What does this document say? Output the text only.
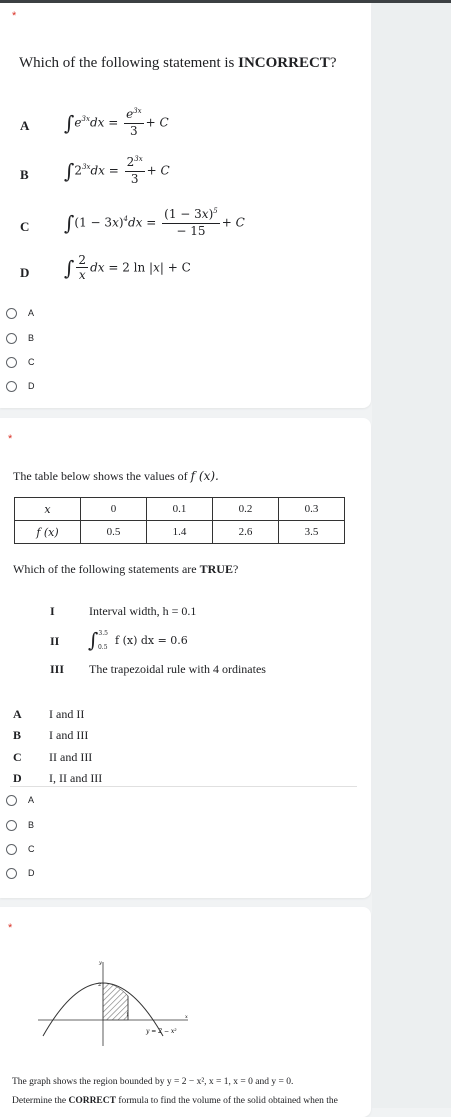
*
Which of the following statement is INCORRECT?
A $\int e^{3x}dx = \frac{e^{3x}}{3} + C$
B $\int 2^{3x}dx = \frac{2^{3x}}{3} + C$
C $\int(1 - 3x)^4dx = \frac{(1 - 3x)^5}{- 15} + C$
D ∫ $\frac{2}{x}$ dx = 2 ln |x| + C
A
B
C
D
*
The table below shows the values of f (x).
x	0	0.1	0.2	0.3
f (x)	0.5	1.4	2.6	3.5
Which of the following statements are TRUE?
I	Interval width, h = 0.1
II ∫$^{3.5}_{0.5}$ f (x) dx = 0.6
III The trapezoidal rule with 4 ordinates
A I and II
B I and III
C II and III
D I, II and III
A
B
C
D
*
y
x
2
1
y = 2 − x²
The graph shows the region bounded by y = 2 − x², x = 1, x = 0 and y = 0.
Determine the CORRECT formula to find the volume of the solid obtained when the
